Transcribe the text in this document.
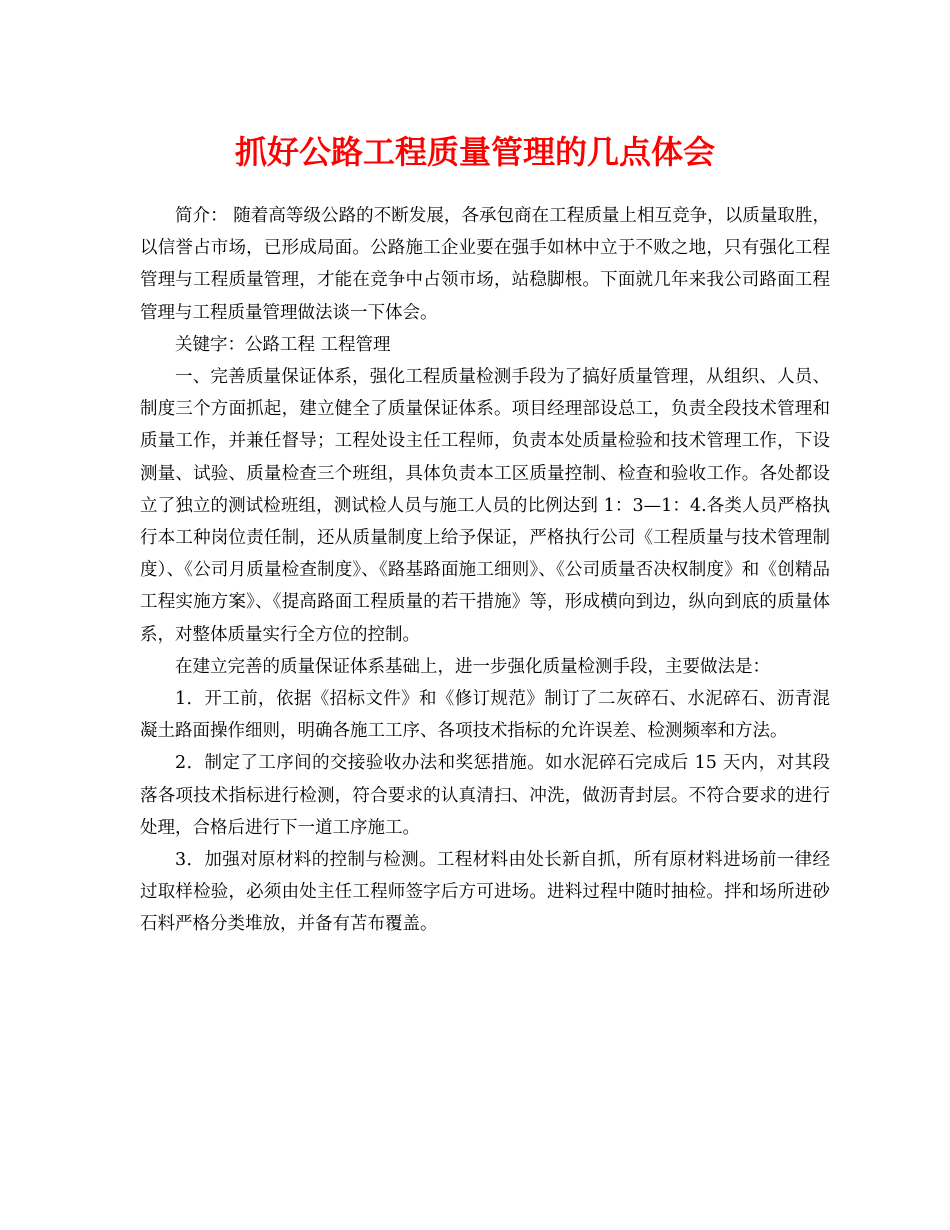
抓好公路工程质量管理的几点体会

简介： 随着高等级公路的不断发展，各承包商在工程质量上相互竞争，以质量取胜，以信誉占市场，已形成局面。公路施工企业要在强手如林中立于不败之地，只有强化工程管理与工程质量管理，才能在竞争中占领市场，站稳脚根。下面就几年来我公司路面工程管理与工程质量管理做法谈一下体会。

关键字：公路工程 工程管理

一、完善质量保证体系，强化工程质量检测手段为了搞好质量管理，从组织、人员、制度三个方面抓起，建立健全了质量保证体系。项目经理部设总工，负责全段技术管理和质量工作，并兼任督导；工程处设主任工程师，负责本处质量检验和技术管理工作，下设测量、试验、质量检查三个班组，具体负责本工区质量控制、检查和验收工作。各处都设立了独立的测试检班组，测试检人员与施工人员的比例达到 1：3—1：4.各类人员严格执行本工种岗位责任制，还从质量制度上给予保证，严格执行公司《工程质量与技术管理制度）、《公司月质量检查制度》、《路基路面施工细则》、《公司质量否决权制度》和《创精品工程实施方案》、《提高路面工程质量的若干措施》等，形成横向到边，纵向到底的质量体系，对整体质量实行全方位的控制。

在建立完善的质量保证体系基础上，进一步强化质量检测手段，主要做法是：

1．开工前，依据《招标文件》和《修订规范》制订了二灰碎石、水泥碎石、沥青混凝土路面操作细则，明确各施工工序、各项技术指标的允许误差、检测频率和方法。

2．制定了工序间的交接验收办法和奖惩措施。如水泥碎石完成后 15 天内，对其段落各项技术指标进行检测，符合要求的认真清扫、冲洗，做沥青封层。不符合要求的进行处理，合格后进行下一道工序施工。

3．加强对原材料的控制与检测。工程材料由处长新自抓，所有原材料进场前一律经过取样检验，必须由处主任工程师签字后方可进场。进料过程中随时抽检。拌和场所进砂石料严格分类堆放，并备有苫布覆盖。
